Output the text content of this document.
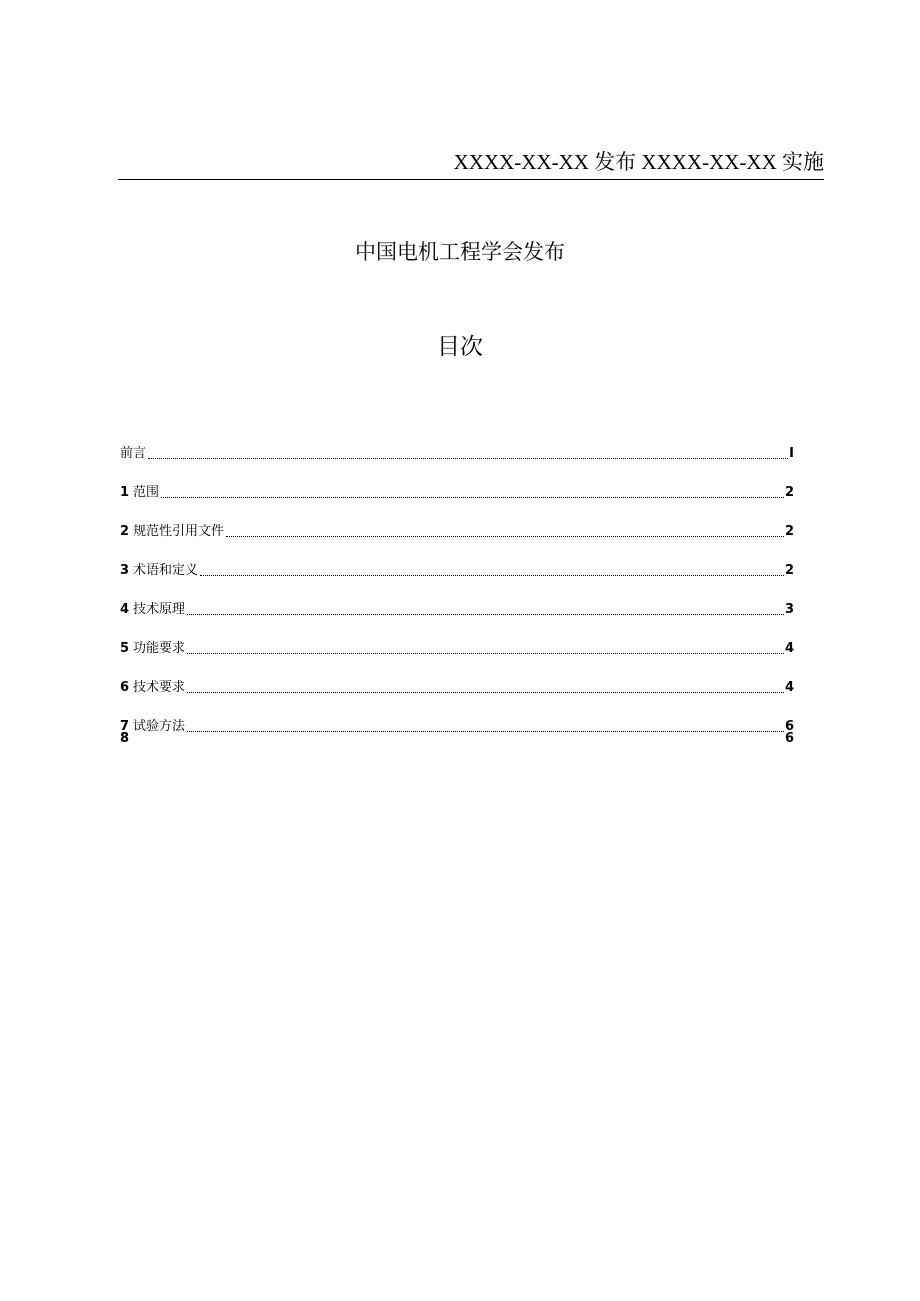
XXXX-XX-XX 发布 XXXX-XX-XX 实施
中国电机工程学会发布
目次
前言	I
1 范围	2
2 规范性引用文件	2
3 术语和定义	2
4 技术原理	3
5 功能要求	4
6 技术要求	4
7 试验方法	6
8	6
